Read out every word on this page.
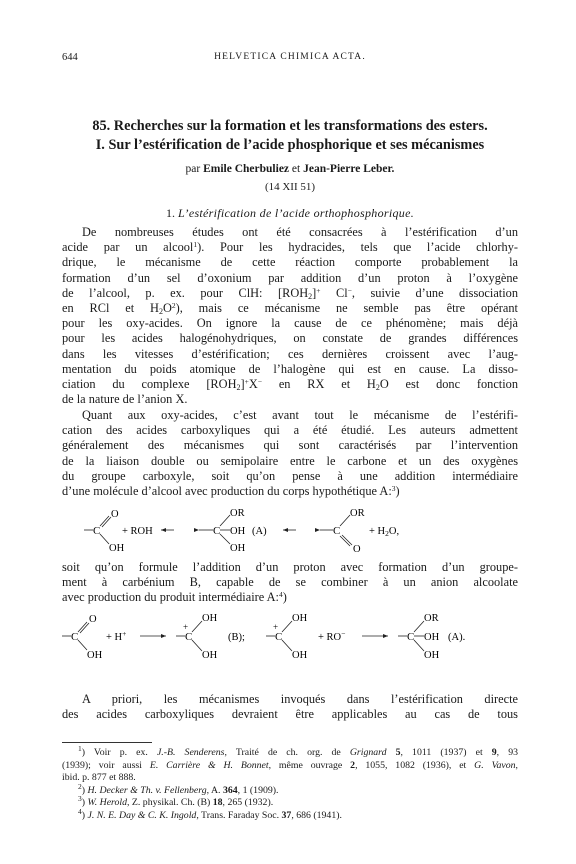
644	HELVETICA CHIMICA ACTA.
85. Recherches sur la formation et les transformations des esters.
I. Sur l’estérification de l’acide phosphorique et ses mécanismes
par Emile Cherbuliez et Jean-Pierre Leber.
(14 XII 51)
1. L’estérification de l’acide orthophosphorique.
De nombreuses études ont été consacrées à l’estérification d’un
acide par un alcool$^1$). Pour les hydracides, tels que l’acide chlorhy-
drique, le mécanisme de cette réaction comporte probablement la
formation d’un sel d’oxonium par addition d’un proton à l’oxygène
de l’alcool, p. ex. pour ClH: $[ROH_2]^+$ Cl−, suivie d’une dissociation
en RCl et $H_2O^2$), mais ce mécanisme ne semble pas être opérant
pour les oxy-acides. On ignore la cause de ce phénomène; mais déjà
pour les acides halogénohydriques, on constate de grandes différences
dans les vitesses d’estérification; ces dernières croissent avec l’aug-
mentation du poids atomique de l’halogène qui est en cause. La disso-
ciation du complexe $[ROH_2]^+X^-$ en RX et $H_2O$ est donc fonction
de la nature de l’anion X.
Quant aux oxy-acides, c’est avant tout le mécanisme de l’estérifi-
cation des acides carboxyliques qui a été étudié. Les auteurs admettent
généralement des mécanismes qui sont caractérisés par l’intervention
de la liaison double ou semipolaire entre le carbone et un des oxygènes
du groupe carboxyle, soit qu’on pense à une addition intermédiaire
d’une molécule d’alcool avec production du corps hypothétique A:$^3$)
C
O
OH
+ ROH	C
OR
OH
OH
(A)	C
OR
O
+ H2O,
soit qu’on formule l’addition d’un proton avec formation d’un groupe-
ment à carbénium B, capable de se combiner à un anion alcoolate
avec production du produit intermédiaire A:$^4$)
C
O
OH
+ H+
+
C
OH
OH
(B);
+
C
OH
OH
+ RO−	C
OR
OH
OH
(A).
A priori, les mécanismes invoqués dans l’estérification directe
des acides carboxyliques devraient être applicables au cas de tous
$^1$) Voir p. ex. J.-B. Senderens, Traité de ch. org. de Grignard 5, 1011 (1937) et 9, 93
(1939); voir aussi E. Carrière & H. Bonnet, même ouvrage 2, 1055, 1082 (1936), et G. Vavon,
ibid. p. 877 et 888.
$^2$) H. Decker & Th. v. Fellenberg, A. 364, 1 (1909).
$^3$) W. Herold, Z. physikal. Ch. (B) 18, 265 (1932).
$^4$) J. N. E. Day & C. K. Ingold, Trans. Faraday Soc. 37, 686 (1941).
